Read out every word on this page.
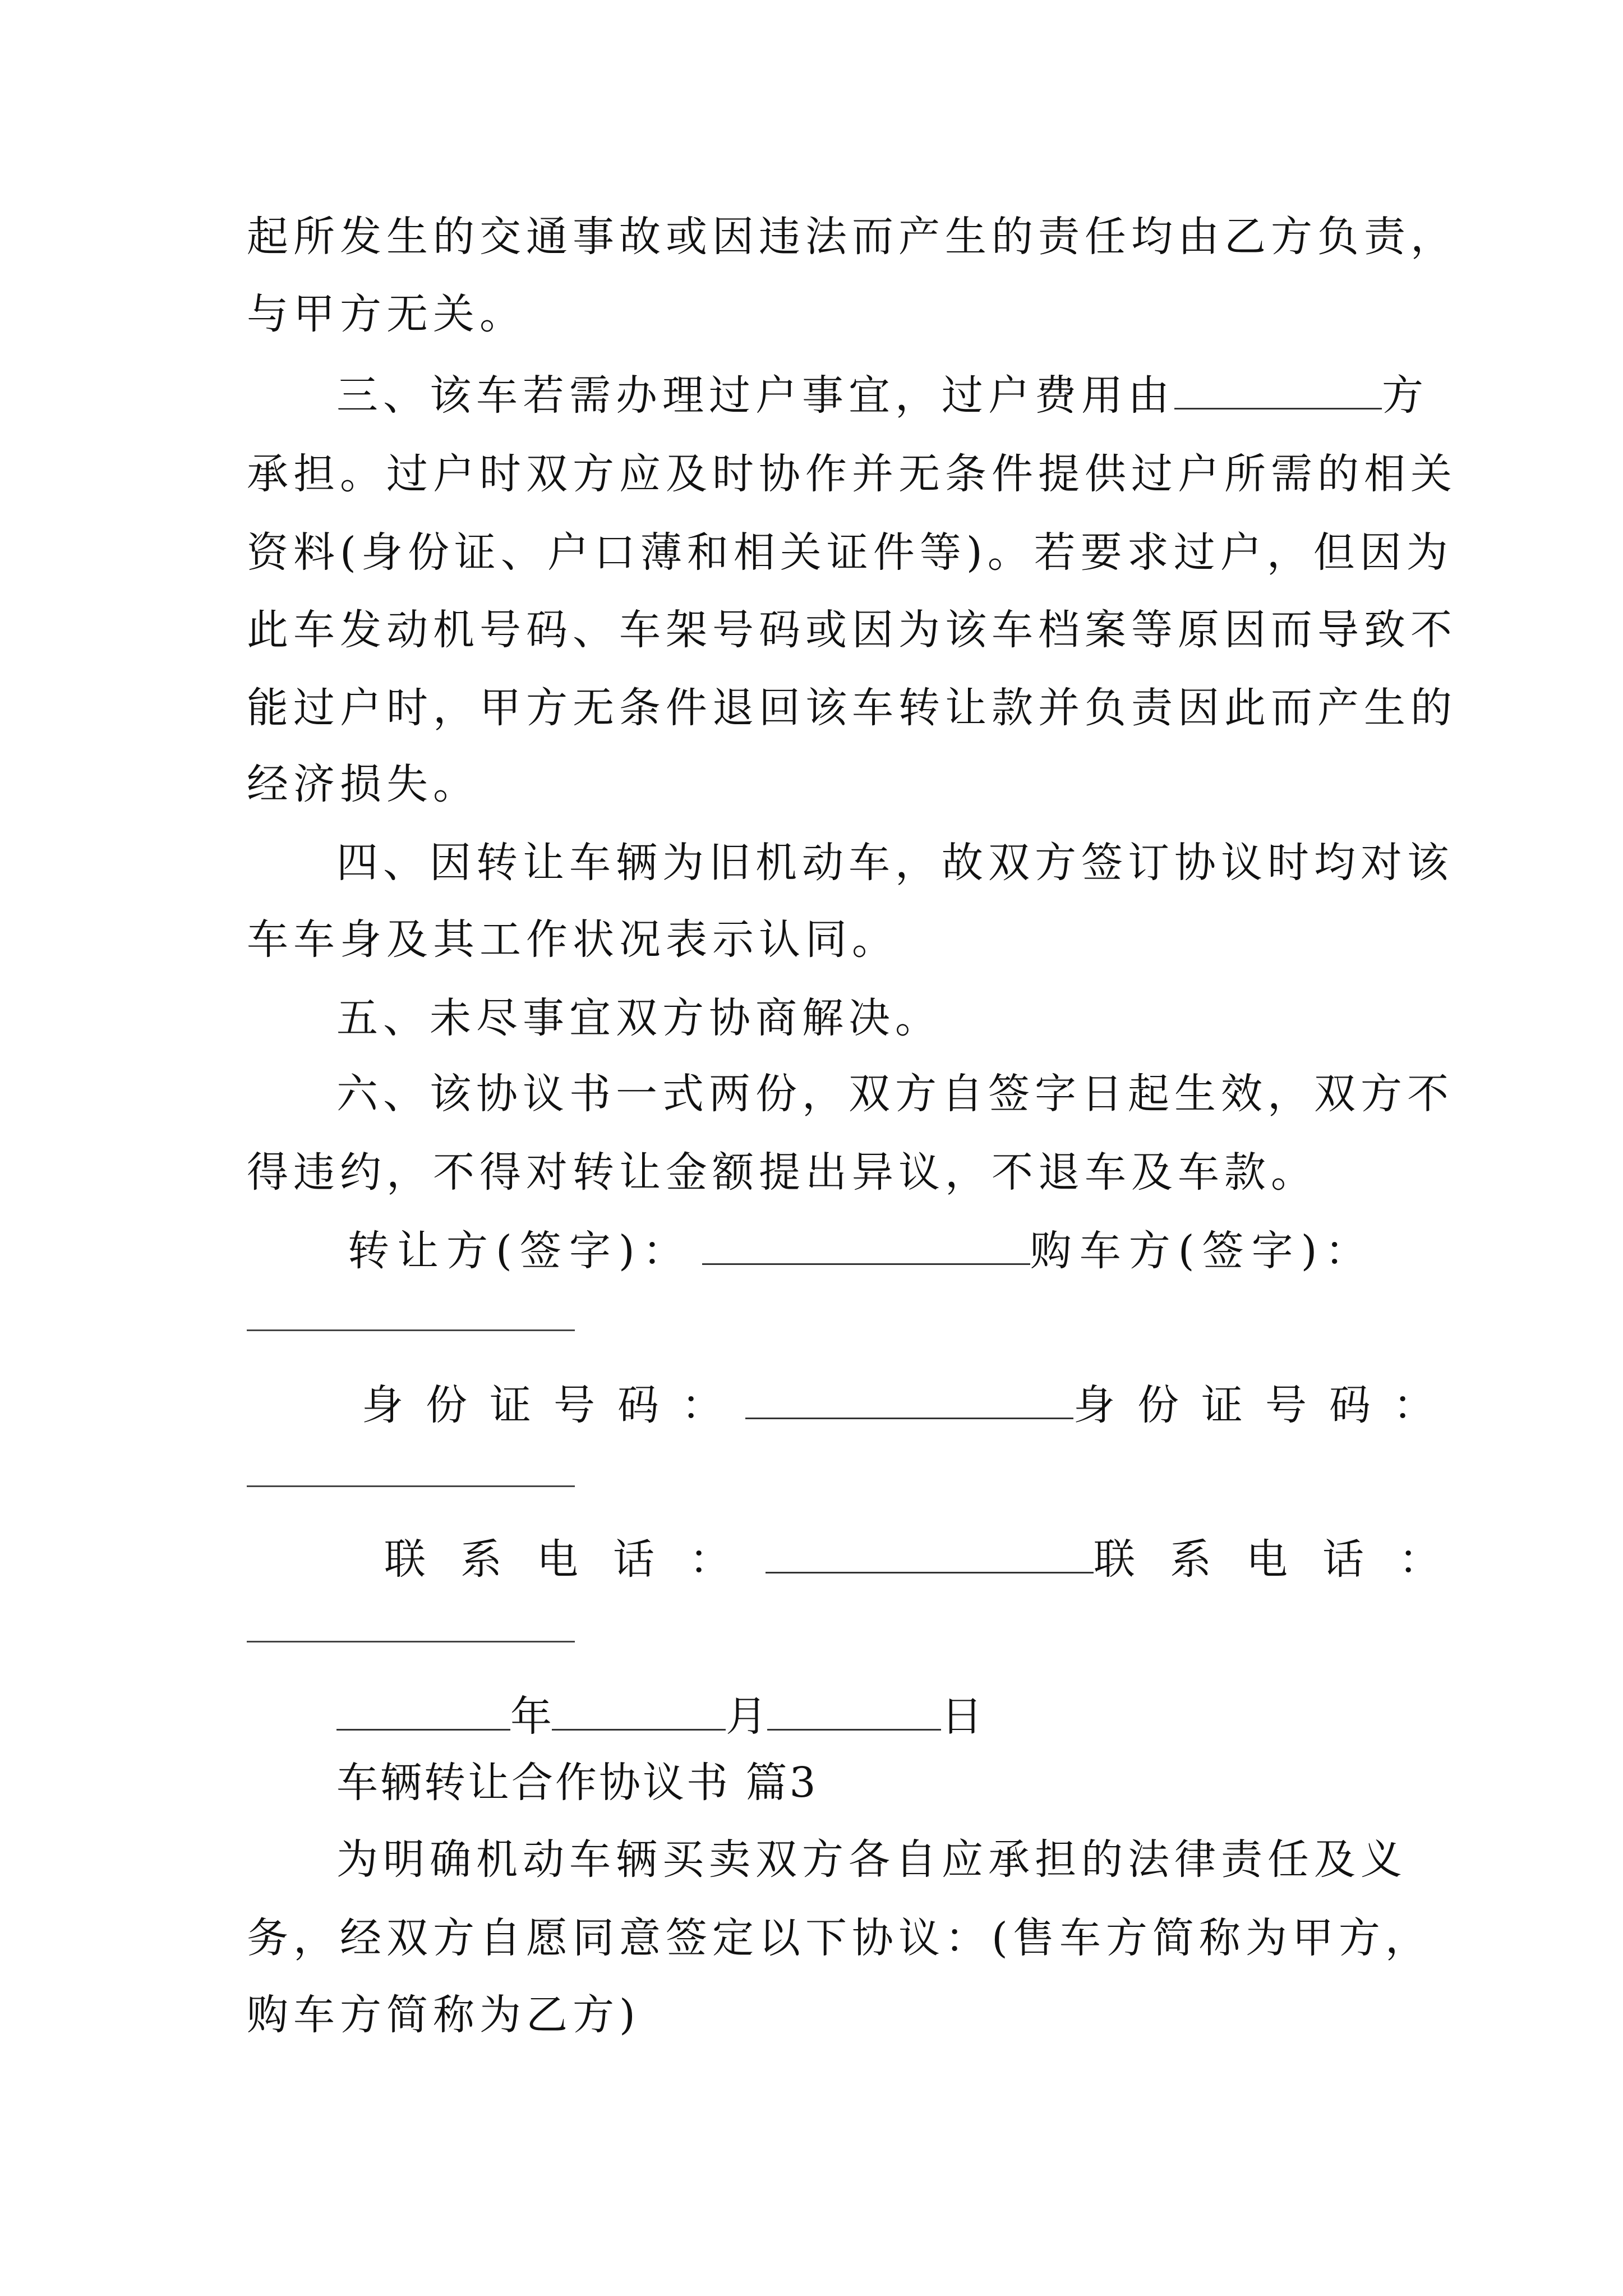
起所发生的交通事故或因违法而产生的责任均由乙方负责，
与甲方无关。
三、该车若需办理过户事宜，过户费用由	方
承担。过户时双方应及时协作并无条件提供过户所需的相关
资料(身份证、户口薄和相关证件等)。若要求过户，但因为
此车发动机号码、车架号码或因为该车档案等原因而导致不
能过户时，甲方无条件退回该车转让款并负责因此而产生的
经济损失。
四、因转让车辆为旧机动车，故双方签订协议时均对该
车车身及其工作状况表示认同。
五、未尽事宜双方协商解决。
六、该协议书一式两份，双方自签字日起生效，双方不
得违约，不得对转让金额提出异议，不退车及车款。
转让方(签字)：	购车方(签字)：
身份证号码：	身份证号码：
联系电话：	联系电话：
年	月	日
车辆转让合作协议书 篇3
为明确机动车辆买卖双方各自应承担的法律责任及义
务，经双方自愿同意签定以下协议：(售车方简称为甲方，
购车方简称为乙方)
